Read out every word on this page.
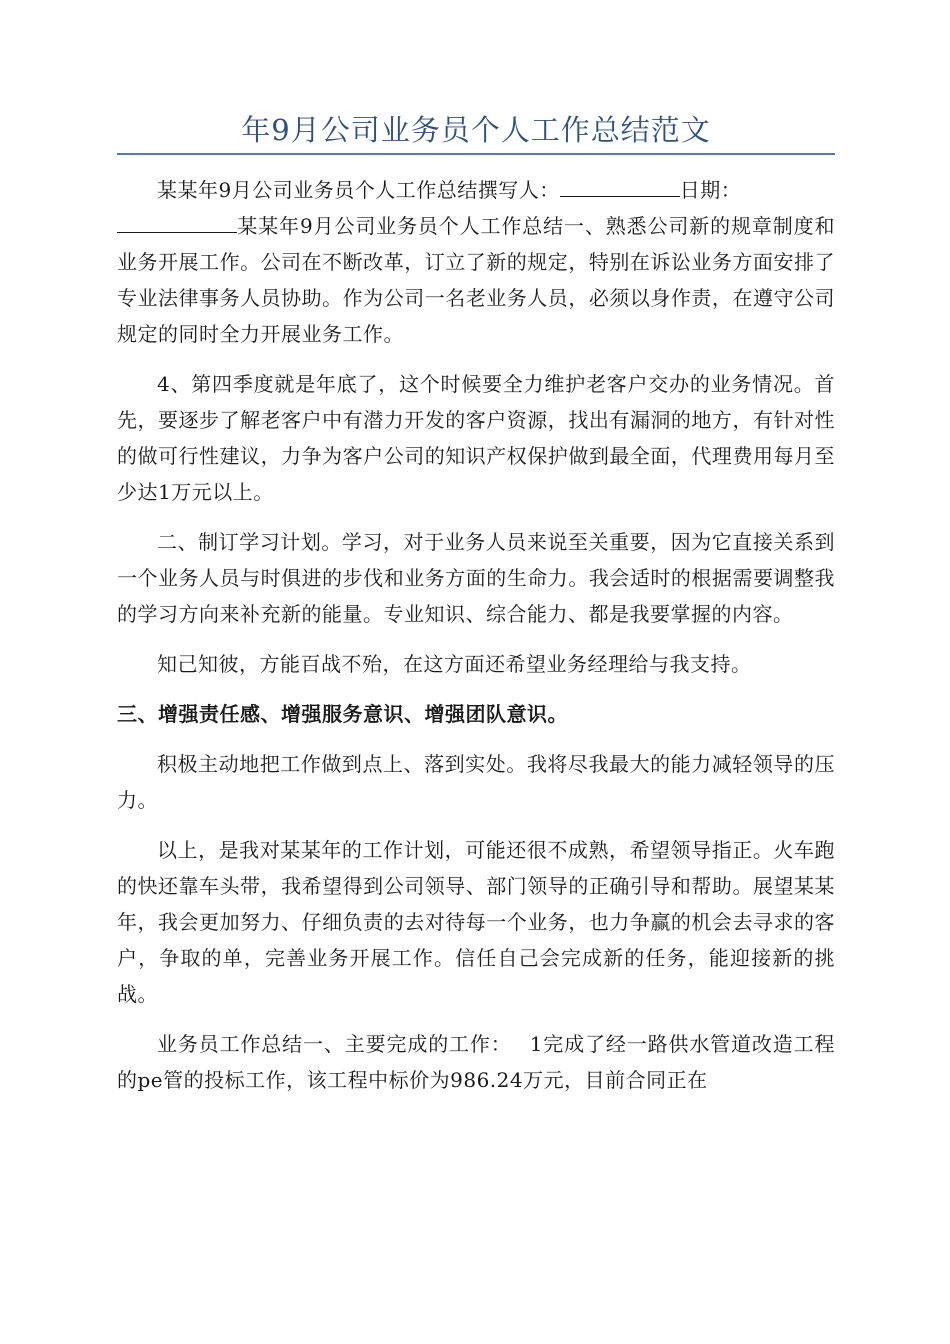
年9月公司业务员个人工作总结范文

某某年9月公司业务员个人工作总结撰写人：	日期：
某某年9月公司业务员个人工作总结一、熟悉公司新的规章制度和业务开展工作。公司在不断改革，订立了新的规定，特别在诉讼业务方面安排了专业法律事务人员协助。作为公司一名老业务人员，必须以身作责，在遵守公司规定的同时全力开展业务工作。

4、第四季度就是年底了，这个时候要全力维护老客户交办的业务情况。首先，要逐步了解老客户中有潜力开发的客户资源，找出有漏洞的地方，有针对性的做可行性建议，力争为客户公司的知识产权保护做到最全面，代理费用每月至少达1万元以上。

二、制订学习计划。学习，对于业务人员来说至关重要，因为它直接关系到一个业务人员与时俱进的步伐和业务方面的生命力。我会适时的根据需要调整我的学习方向来补充新的能量。专业知识、综合能力、都是我要掌握的内容。

知己知彼，方能百战不殆，在这方面还希望业务经理给与我支持。

三、增强责任感、增强服务意识、增强团队意识。

积极主动地把工作做到点上、落到实处。我将尽我最大的能力减轻领导的压力。

以上，是我对某某年的工作计划，可能还很不成熟，希望领导指正。火车跑的快还靠车头带，我希望得到公司领导、部门领导的正确引导和帮助。展望某某年，我会更加努力、仔细负责的去对待每一个业务，也力争赢的机会去寻求的客户，争取的单，完善业务开展工作。信任自己会完成新的任务，能迎接新的挑战。

业务员工作总结一、主要完成的工作：　 1完成了经一路供水管道改造工程的pe管的投标工作，该工程中标价为986.24万元，目前合同正在
